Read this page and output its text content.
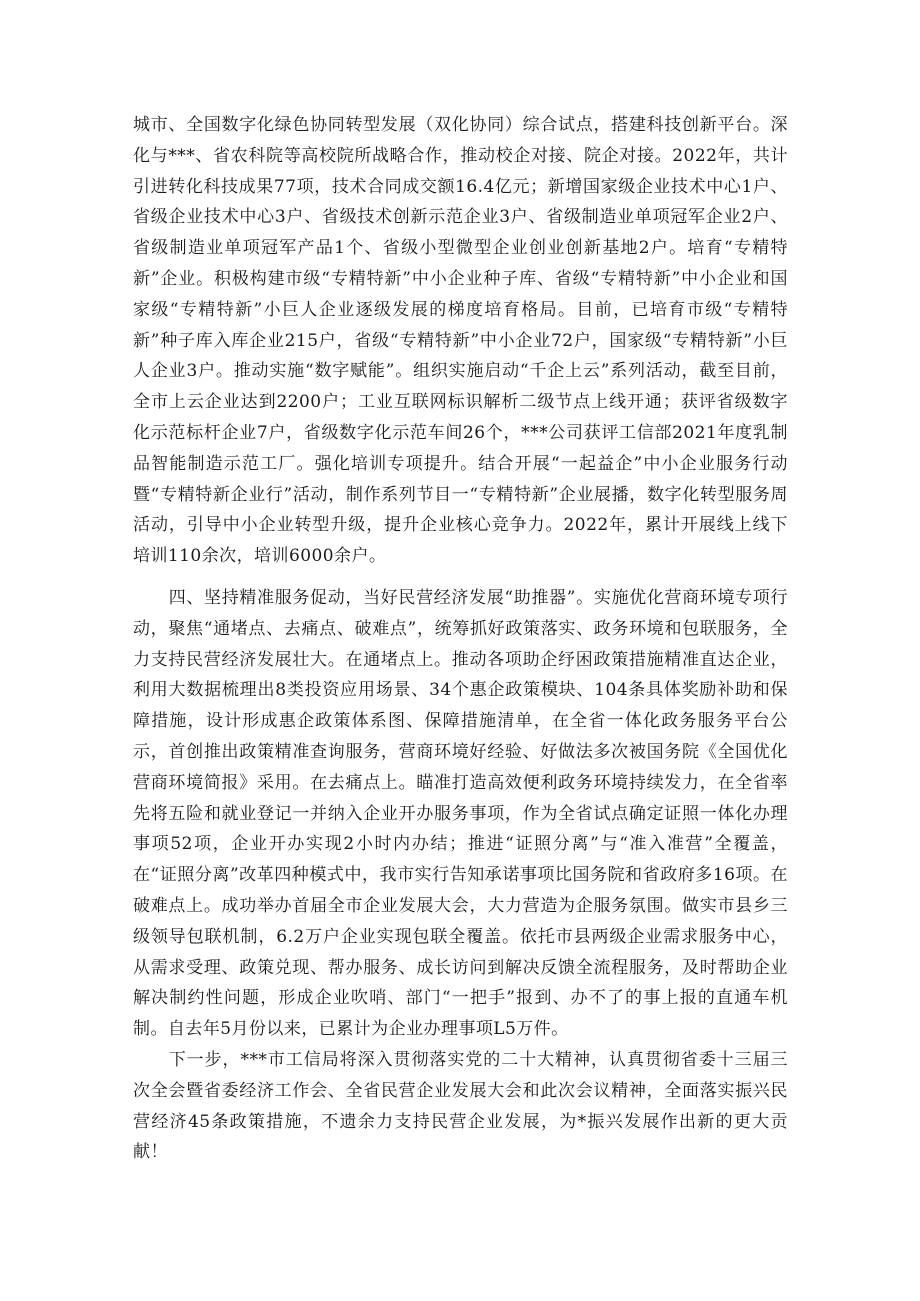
城市、全国数字化绿色协同转型发展（双化协同）综合试点，搭建科技创新平台。深化与***、省农科院等高校院所战略合作，推动校企对接、院企对接。2022年，共计引进转化科技成果77项，技术合同成交额16.4亿元；新增国家级企业技术中心1户、省级企业技术中心3户、省级技术创新示范企业3户、省级制造业单项冠军企业2户、省级制造业单项冠军产品1个、省级小型微型企业创业创新基地2户。培育“专精特新”企业。积极构建市级“专精特新”中小企业种子库、省级“专精特新”中小企业和国家级“专精特新”小巨人企业逐级发展的梯度培育格局。目前，已培育市级“专精特新”种子库入库企业215户，省级“专精特新”中小企业72户，国家级“专精特新”小巨人企业3户。推动实施“数字赋能”。组织实施启动“千企上云”系列活动，截至目前，全市上云企业达到2200户；工业互联网标识解析二级节点上线开通；获评省级数字化示范标杆企业7户，省级数字化示范车间26个，***公司获评工信部2021年度乳制品智能制造示范工厂。强化培训专项提升。结合开展“一起益企”中小企业服务行动暨“专精特新企业行”活动，制作系列节目一“专精特新”企业展播，数字化转型服务周活动，引导中小企业转型升级，提升企业核心竞争力。2022年，累计开展线上线下培训110余次，培训6000余户。

四、坚持精准服务促动，当好民营经济发展“助推器”。实施优化营商环境专项行动，聚焦“通堵点、去痛点、破难点”，统筹抓好政策落实、政务环境和包联服务，全力支持民营经济发展壮大。在通堵点上。推动各项助企纾困政策措施精准直达企业，利用大数据梳理出8类投资应用场景、34个惠企政策模块、104条具体奖励补助和保障措施，设计形成惠企政策体系图、保障措施清单，在全省一体化政务服务平台公示，首创推出政策精准查询服务，营商环境好经验、好做法多次被国务院《全国优化营商环境简报》采用。在去痛点上。瞄准打造高效便利政务环境持续发力，在全省率先将五险和就业登记一并纳入企业开办服务事项，作为全省试点确定证照一体化办理事项52项，企业开办实现2小时内办结；推进“证照分离”与“准入准营”全覆盖，在“证照分离”改革四种模式中，我市实行告知承诺事项比国务院和省政府多16项。在破难点上。成功举办首届全市企业发展大会，大力营造为企服务氛围。做实市县乡三级领导包联机制，6.2万户企业实现包联全覆盖。依托市县两级企业需求服务中心，从需求受理、政策兑现、帮办服务、成长访问到解决反馈全流程服务，及时帮助企业解决制约性问题，形成企业吹哨、部门“一把手”报到、办不了的事上报的直通车机制。自去年5月份以来，已累计为企业办理事项L5万件。

下一步，***市工信局将深入贯彻落实党的二十大精神，认真贯彻省委十三届三次全会暨省委经济工作会、全省民营企业发展大会和此次会议精神，全面落实振兴民营经济45条政策措施，不遗余力支持民营企业发展，为*振兴发展作出新的更大贡献！
